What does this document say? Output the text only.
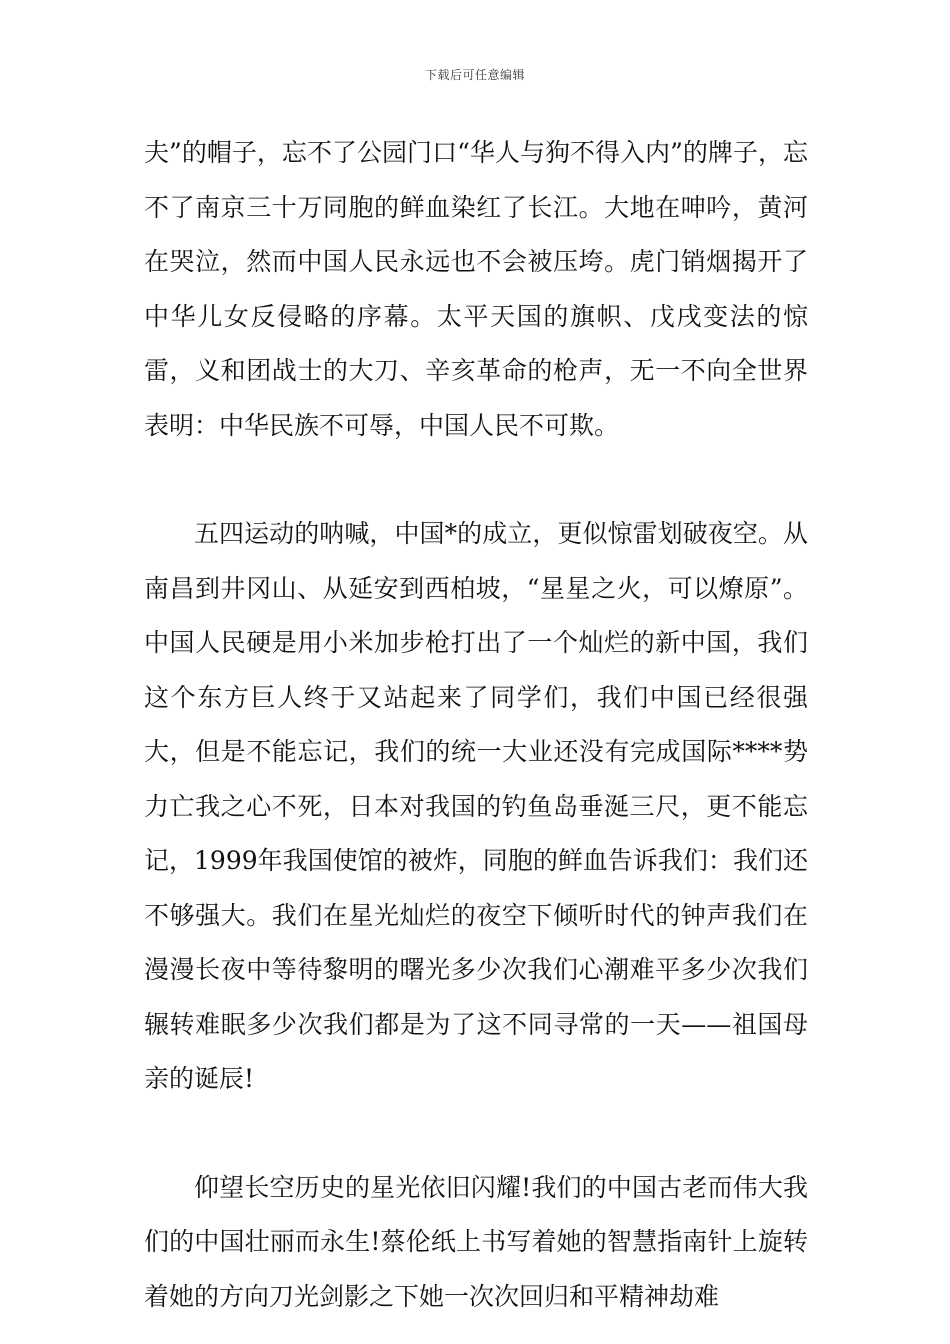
下载后可任意编辑

夫”的帽子，忘不了公园门口“华人与狗不得入内”的牌子，忘不了南京三十万同胞的鲜血染红了长江。大地在呻吟，黄河在哭泣，然而中国人民永远也不会被压垮。虎门销烟揭开了中华儿女反侵略的序幕。太平天国的旗帜、戊戌变法的惊雷，义和团战士的大刀、辛亥革命的枪声，无一不向全世界表明：中华民族不可辱，中国人民不可欺。

五四运动的呐喊，中国*的成立，更似惊雷划破夜空。从南昌到井冈山、从延安到西柏坡，“星星之火，可以燎原”。中国人民硬是用小米加步枪打出了一个灿烂的新中国，我们这个东方巨人终于又站起来了同学们，我们中国已经很强大，但是不能忘记，我们的统一大业还没有完成国际****势力亡我之心不死，日本对我国的钓鱼岛垂涎三尺，更不能忘记，1999年我国使馆的被炸，同胞的鲜血告诉我们：我们还不够强大。我们在星光灿烂的夜空下倾听时代的钟声我们在漫漫长夜中等待黎明的曙光多少次我们心潮难平多少次我们辗转难眠多少次我们都是为了这不同寻常的一天——祖国母亲的诞辰!

仰望长空历史的星光依旧闪耀!我们的中国古老而伟大我们的中国壮丽而永生!蔡伦纸上书写着她的智慧指南针上旋转着她的方向刀光剑影之下她一次次回归和平精神劫难
